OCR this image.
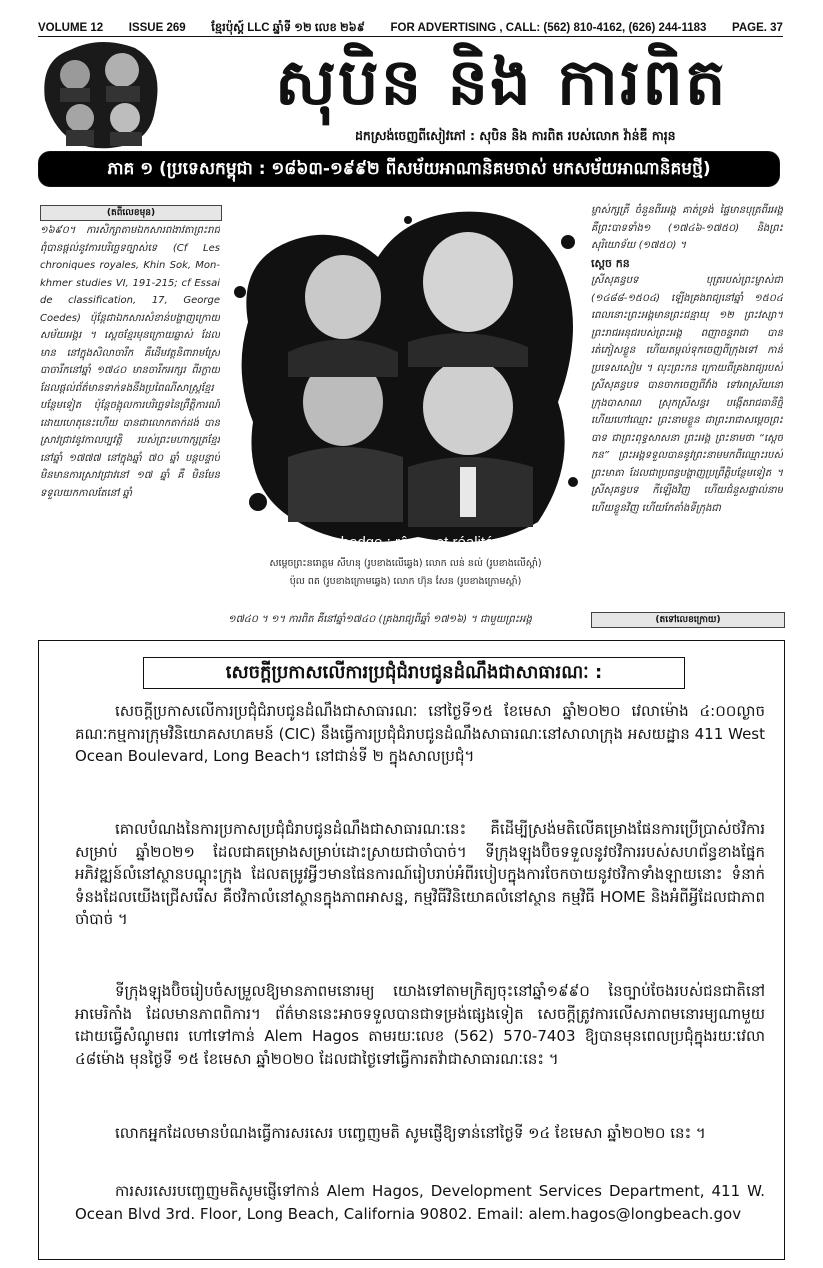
VOLUME 12 ISSUE 269 ខ្មែរប៉ុស្ត៍ LLC ឆ្នាំទី ១២ លេខ ២៦៩ FOR ADVERTISING , CALL: (562) 810-4162, (626) 244-1183 PAGE. 37
សុបិន និង ការពិត
ដកស្រង់ចេញពីសៀវភៅ : សុបិន និង ការពិត របស់លោក វ៉ាន់ឌី ការុន
ភាគ ១ (ប្រទេសកម្ពុជា : ១៨៦៣-១៩៩២ ពីសម័យអាណានិគមចាស់ មកសម័យអាណានិគមថ្មី)
(តពីលេខមុន)

១៦៩០។ ការសិក្សាតាមឯកសារពងាវតាព្រះរាជ ពុំបានផ្តល់នូវការបរិច្ឆេទច្បាស់ទេ (Cf Les chroniques royales, Khin Sok, Mon-khmer studies VI, 191-215; cf Essai de classification, 17, George Coedes) ប៉ុន្តែជាឯកសារសំខាន់បង្ហាញក្រោយសម័យអង្គរ ។ ស្ដេចខ្មែរមុនក្រោយឆ្លាស់ ដែលមាន នៅក្នុងសិលាចារឹក គឺដើមវត្តនិពារាមស្រែ បាចារឹកនៅឆ្នាំ ១៧៤០ មានចារឹកអក្សរ ពីរក្លាយ ដែលផ្តល់ព័ត៌មានទាក់ទងនឹងប្រពៃណីសាស្ត្រខ្មែរបន្ថែមទៀត ប៉ុន្តែចង្អុលការបរិច្ឆេទនៃព្រឹត្តិការណ៍ ដោយហេតុនេះហើយ បានជាលោកតាក់ដង់ បានស្រាវជ្រាវនូវកាលប្បវត្តិ របស់ព្រះមហាក្សត្រខ្មែរ នៅឆ្នាំ ១៧៧៧ នៅក្នុងឆ្នាំ ៧០ ឆ្នាំ បន្តបន្ទាប់ មិនមានការស្រាវជ្រាវនៅ ១៧ ឆ្នាំ គឺ មិនមែនទទួលយកកាលតែនៅ ឆ្នាំ

Cambodge : rêves et réalités
សម្ដេចព្រះនរោត្ដម សីហនុ (រូបខាងលើឆ្វេង) លោក លន់ នល់ (រូបខាងលើស្ដាំ)
ប៉ុល ពត (រូបខាងក្រោមឆ្វេង) លោក ហ៊ុន សែន (រូបខាងក្រោមស្ដាំ)
១៧៤០ ។ ១។ ការពិត គឺនៅឆ្នាំ១៧៤០ (គ្រងរាជ្យពីឆ្នាំ ១៧១៦) ។ ជាមួយព្រះអង្គ

ម្ចាស់ក្សត្រី ចំនួនពីរអង្គ គាត់ទ្រង់ ផ្ទៃមានបុត្រពីរអង្គ គឺព្រះបាទទាំង១ (១៧៤៦-១៧៥០) និងព្រះសុរិយោទ័យ (១៧៥០) ។

ស្ដេច កន

ស្រីសុគន្ធបទ បុត្ររបស់ព្រះម្ចាស់ជា (១៤៨៨-១៥០៤) ឡើងគ្រងរាជ្យនៅឆ្នាំ ១៥០៤ ពេលនោះព្រះអង្គមានព្រះជន្មាយុ ១២ ព្រះវស្សា។ ព្រះរាជអនុជរបស់ព្រះអង្គ ពញាចន្ទរាជា បានរត់ភៀសខ្លួន ហើយតម្កល់ទុកចេញពីក្រុងទៅ កាន់ប្រទេសសៀម ។ លុះព្រះកន ក្រោយពីគ្រងរាជ្យរបស់ស្រីសុគន្ធបទ បានចាកចេញពីវាំង ទៅអាស្រ័យនៅក្រុងបាសាណ ស្រុកស្រីសន្ធរ បង្កើតរាជធានីថ្មី ហើយហៅឈ្មោះ ព្រះនាមខ្លួន ជាព្រះរាជាសម្ដេចព្រះបាទ ជាព្រះពុទ្ធសាសនា ព្រះអង្គ ព្រះនាមថា “ស្ដេច កន” ព្រះអង្គទទួលបាននូវព្រះនាមមកពីឈ្មោះរបស់ព្រះមាតា ដែលជាប្រពន្ធបង្ហាញប្រព្រឹត្តិបន្ថែមទៀត ។ ស្រីសុគន្ធបទ កីឡើងវិញ ហើយជំនួសផ្ទាល់នាមហើយខ្លួនវិញ ហើយកែតាំងទីក្រុងជា

(តទៅលេខក្រោយ)
សេចក្ដីប្រកាសលើការប្រជុំជំរាបជូនដំណឹងជាសាធារណៈ :
សេចក្ដីប្រកាសលើការប្រជុំជំរាបជូនដំណឹងជាសាធារណៈ នៅថ្ងៃទី១៥ ខែមេសា ឆ្នាំ២០២០ វេលាម៉ោង ៤:០០ល្ងាច គណៈកម្មការក្រុមវិនិយោគសហគមន៍ (CIC) នឹងធ្វើការប្រជុំជំរាបជូនដំណឹងសាធារណៈនៅសាលាក្រុង អសយដ្ឋាន 411 West Ocean Boulevard, Long Beach។ នៅជាន់ទី ២ ក្នុងសាលប្រជុំ។
គោលបំណងនៃការប្រកាសប្រជុំជំរាបជូនដំណឹងជាសាធារណៈនេះ គឺដើម្បីស្រង់មតិលើគម្រោងផែនការប្រើប្រាស់ថវិការសម្រាប់ ឆ្នាំ២០២១ ដែលជាគម្រោងសម្រាប់ដោះស្រាយជាចាំបាច់។ ទីក្រុងឡុងប៊ិចទទួលនូវថវិការរបស់សហព័ន្ធខាងផ្នែកអភិវឌ្ឍន៍លំនៅស្ថានបណ្ដុះក្រុង ដែលតម្រូវអ្វីៗមានផែនការណ៍រៀបរាប់អំពីរបៀបក្នុងការចែកចាយនូវថវិកាទាំងឡាយនោះ ទំនាក់ទំនងដែលយើងជ្រើសរើស គឺថវិកាលំនៅស្ថានក្នុងភាពអាសន្ន, កម្មវិធីវិនិយោគលំនៅស្ថាន កម្មវិធី HOME និងអំពីអ្វីដែលជាភាពចាំបាច់ ។
ទីក្រុងឡុងប៊ិចរៀបចំសម្រួលឱ្យមានភាពមនោរម្យ យោងទៅតាមក្រិត្យចុះនៅឆ្នាំ១៩៩០ នៃច្បាប់ចែងរបស់ជនជាតិនៅអាមេរិកាំង ដែលមានភាពពិការ។ ព័ត៌មាននេះអាចទទួលបានជាទម្រង់ផ្សេងទៀត សេចក្ដីត្រូវការលើសភាពមនោរម្យណាមួយ ដោយធ្វើសំណូមពរ ហៅទៅកាន់ Alem Hagos តាមរយៈលេខ (562) 570-7403 ឱ្យបានមុនពេលប្រជុំក្នុងរយៈវេលា ៤៨ម៉ោង មុនថ្ងៃទី ១៥ ខែមេសា ឆ្នាំ២០២០ ដែលជាថ្ងៃទៅធ្វើការតវ៉ាជាសាធារណៈនេះ ។
លោកអ្នកដែលមានបំណងធ្វើការសរសេរ បញ្ចេញមតិ សូមផ្ញើឱ្យទាន់នៅថ្ងៃទី ១៤ ខែមេសា ឆ្នាំ២០២០ នេះ ។
ការសរសេរបញ្ចេញមតិសូមផ្ញើទៅកាន់ Alem Hagos, Development Services Department, 411 W. Ocean Blvd 3rd. Floor, Long Beach, California 90802. Email: alem.hagos@longbeach.gov
